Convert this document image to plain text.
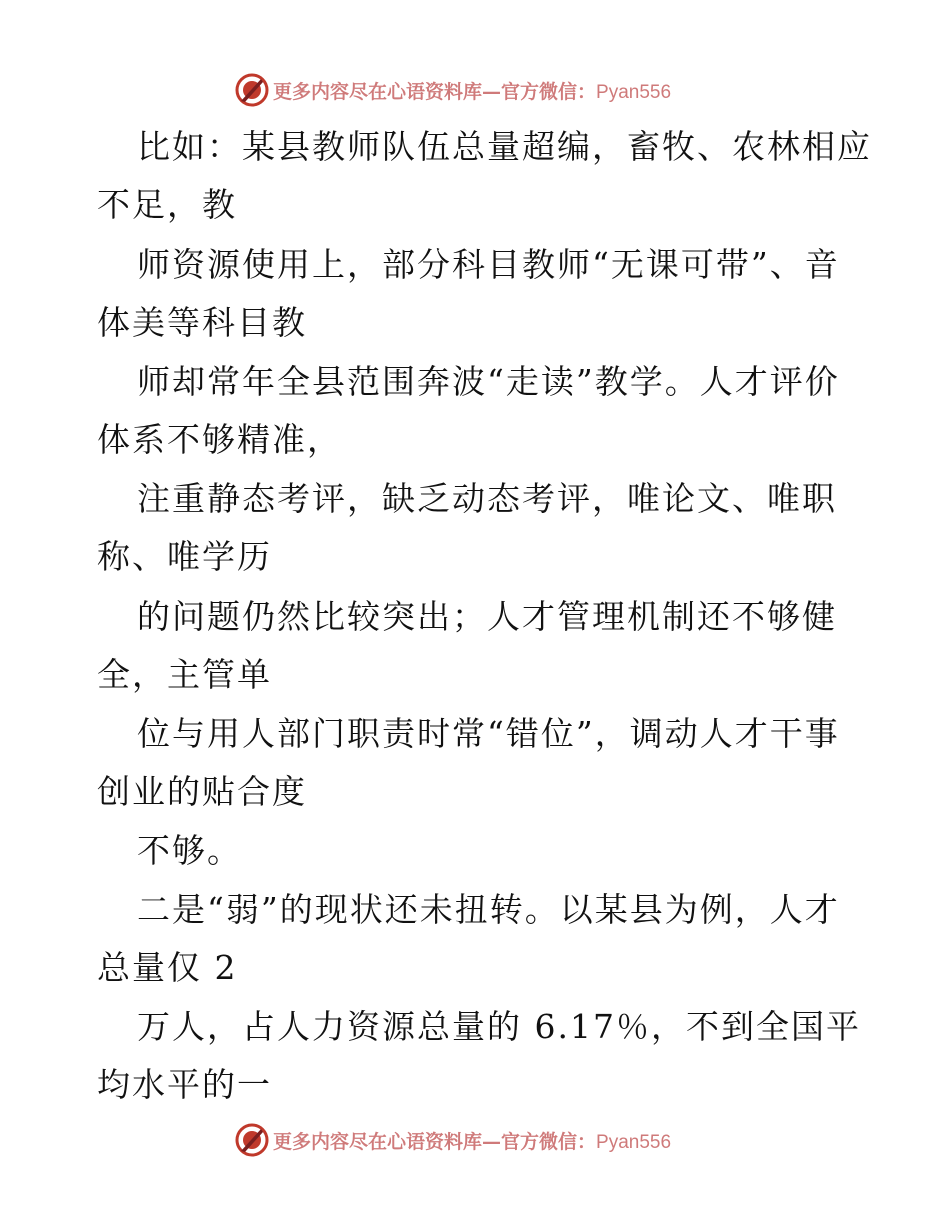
更多内容尽在心语资料库—官方微信：Pyan556
比如：某县教师队伍总量超编，畜牧、农林相应
不足，教
师资源使用上，部分科目教师“无课可带”、音
体美等科目教
师却常年全县范围奔波“走读”教学。人才评价
体系不够精准，
注重静态考评，缺乏动态考评，唯论文、唯职
称、唯学历
的问题仍然比较突出；人才管理机制还不够健
全，主管单
位与用人部门职责时常“错位”，调动人才干事
创业的贴合度
不够。
二是“弱”的现状还未扭转。以某县为例，人才
总量仅 2
万人，占人力资源总量的 6.17％，不到全国平
均水平的一
更多内容尽在心语资料库—官方微信：Pyan556
